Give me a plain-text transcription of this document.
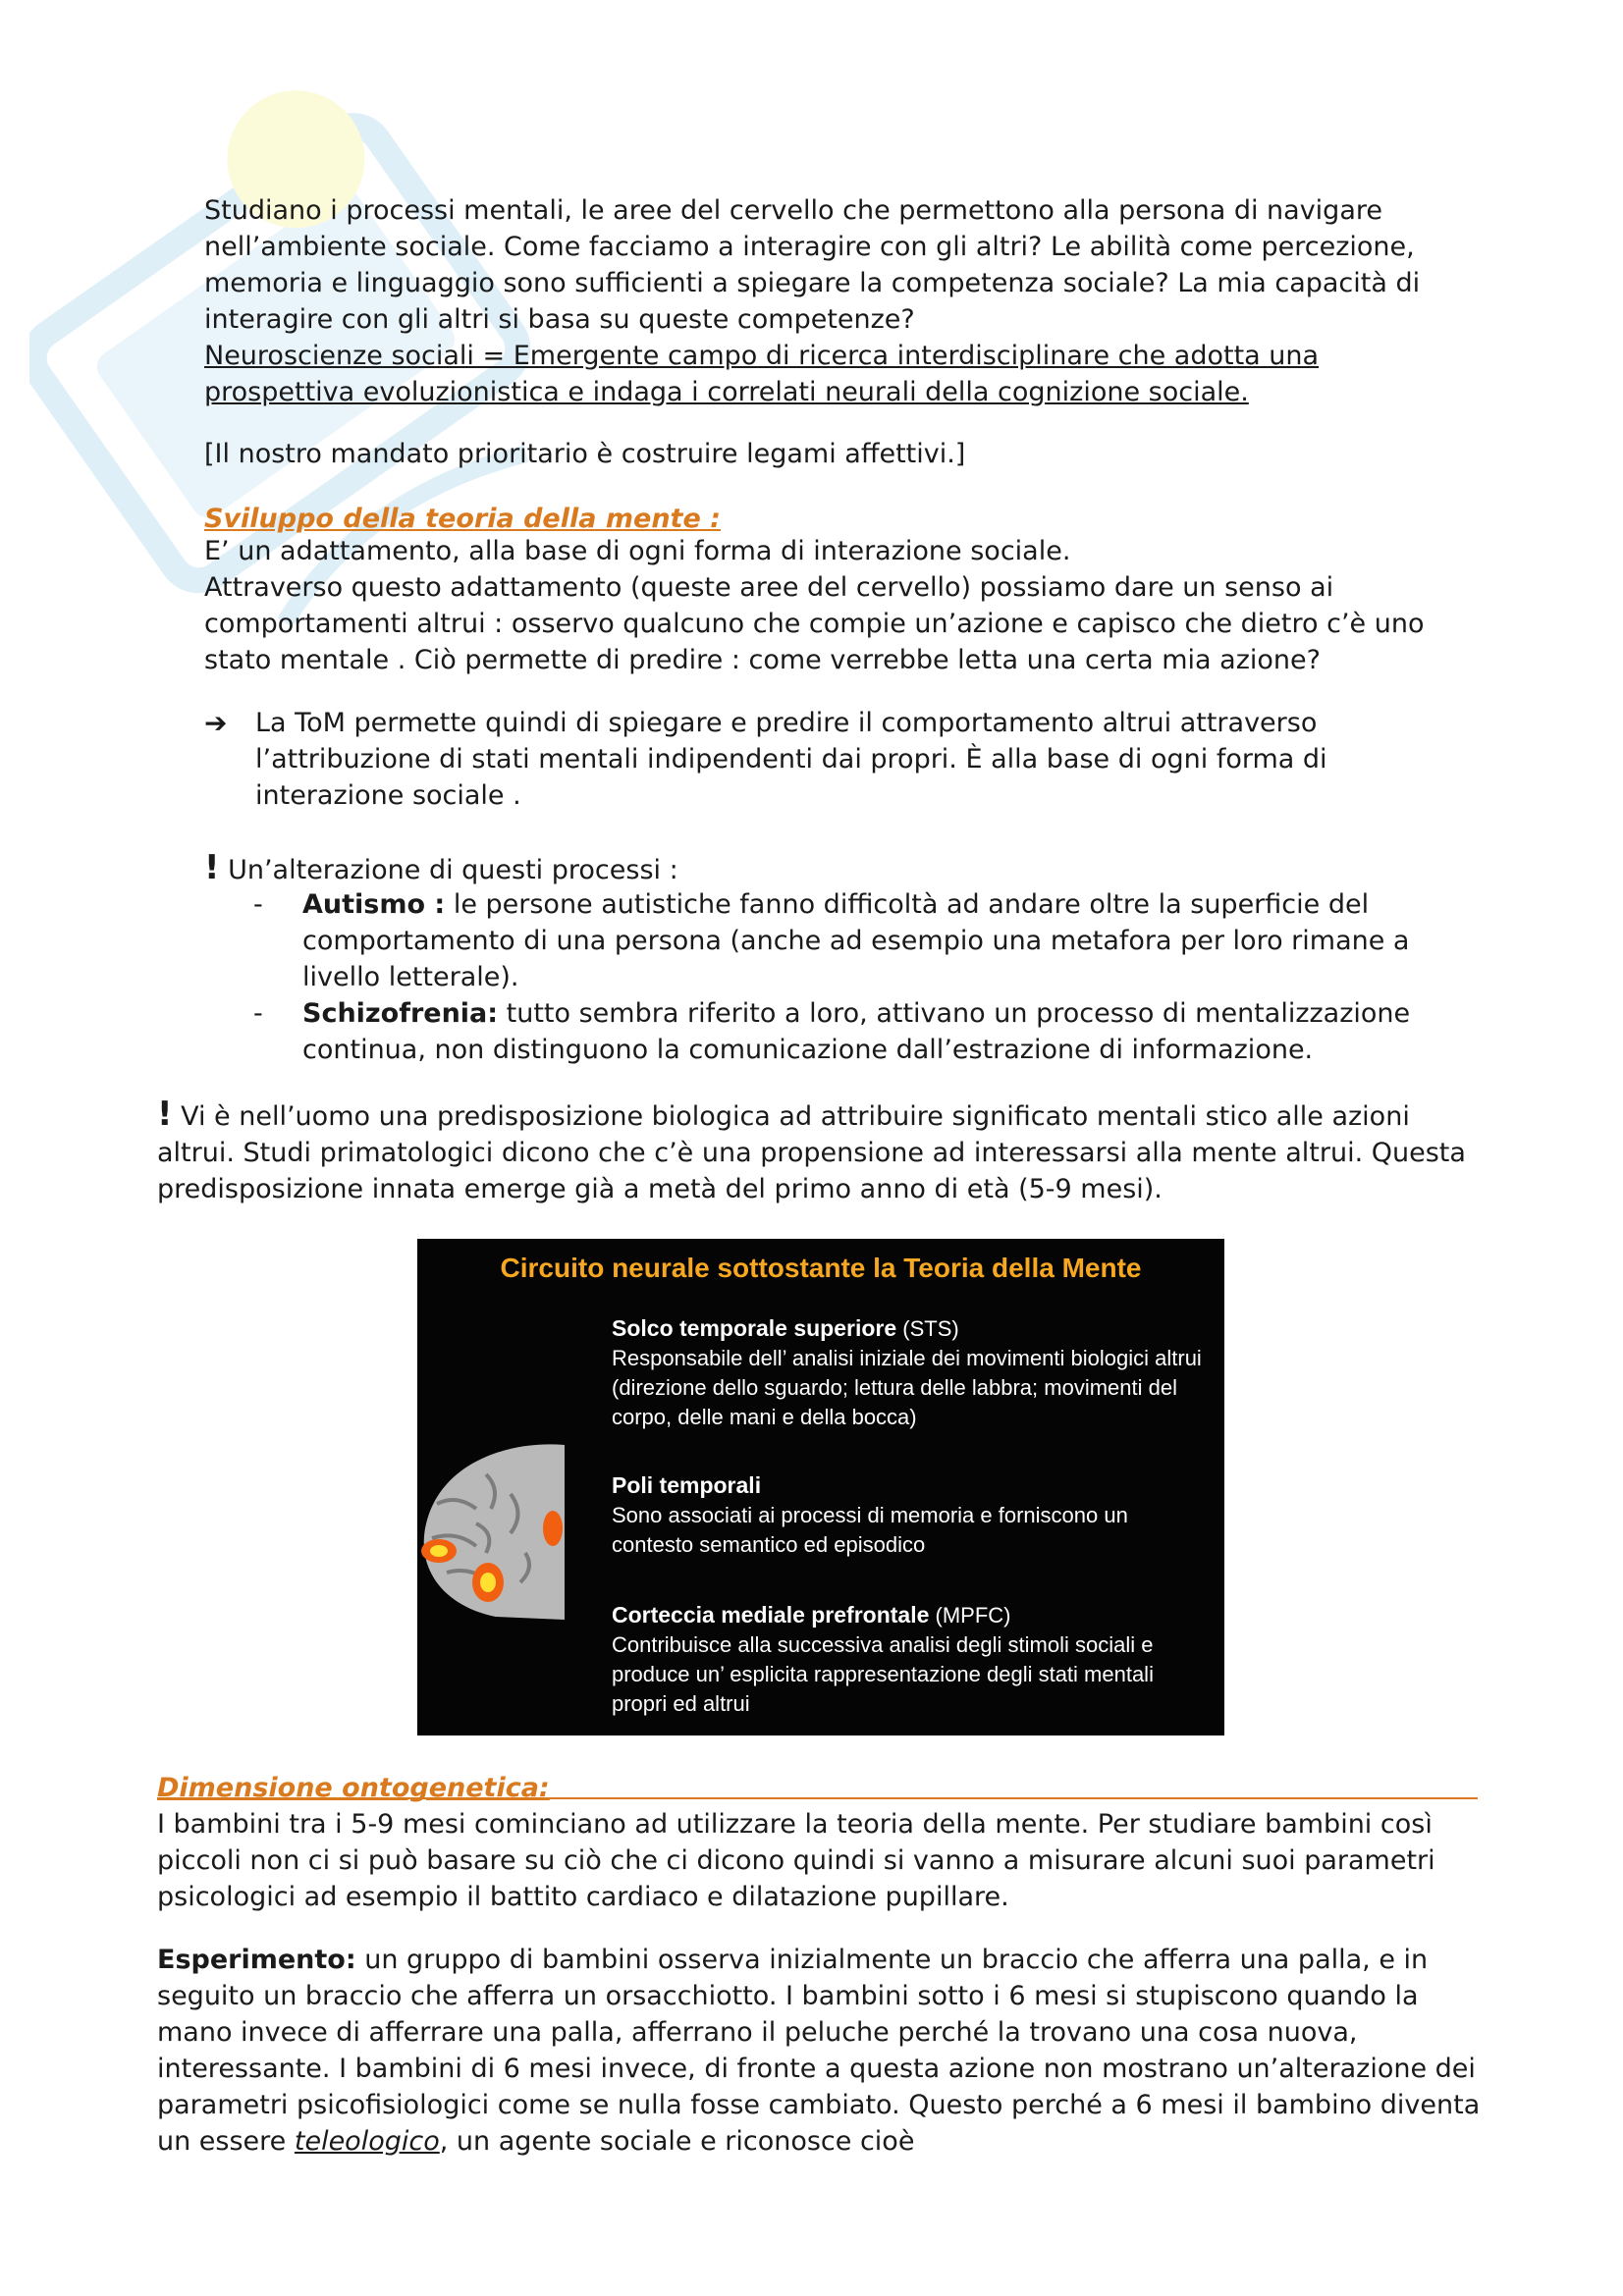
Studiano i processi mentali, le aree del cervello che permettono alla persona di navigare nell’ambiente sociale. Come facciamo a interagire con gli altri? Le abilità come percezione, memoria e linguaggio sono sufficienti a spiegare la competenza sociale? La mia capacità di interagire con gli altri si basa su queste competenze?

Neuroscienze sociali = Emergente campo di ricerca interdisciplinare che adotta una prospettiva evoluzionistica e indaga i correlati neurali della cognizione sociale.

[Il nostro mandato prioritario è costruire legami affettivi.]

Sviluppo della teoria della mente :

E’ un adattamento, alla base di ogni forma di interazione sociale.

Attraverso questo adattamento (queste aree del cervello) possiamo dare un senso ai comportamenti altrui : osservo qualcuno che compie un’azione e capisco che dietro c’è uno stato mentale . Ciò permette di predire : come verrebbe letta una certa mia azione?

➔ La ToM permette quindi di spiegare e predire il comportamento altrui attraverso l’attribuzione di stati mentali indipendenti dai propri. È alla base di ogni forma di interazione sociale .

! Un’alterazione di questi processi :
- Autismo : le persone autistiche fanno difficoltà ad andare oltre la superficie del comportamento di una persona (anche ad esempio una metafora per loro rimane a livello letterale).

- Schizofrenia: tutto sembra riferito a loro, attivano un processo di mentalizzazione continua, non distinguono la comunicazione dall’estrazione di informazione.

! Vi è nell’uomo una predisposizione biologica ad attribuire significato mentali stico alle azioni altrui. Studi primatologici dicono che c’è una propensione ad interessarsi alla mente altrui. Questa predisposizione innata emerge già a metà del primo anno di età (5-9 mesi).

Circuito neurale sottostante la Teoria della Mente
Solco temporale superiore (STS)
Responsabile dell’ analisi iniziale dei movimenti biologici altrui (direzione dello sguardo; lettura delle labbra; movimenti del corpo, delle mani e della bocca)
Poli temporali
Sono associati ai processi di memoria e forniscono un contesto semantico ed episodico
Corteccia mediale prefrontale (MPFC)
Contribuisce alla successiva analisi degli stimoli sociali e produce un’ esplicita rappresentazione degli stati mentali propri ed altrui
Dimensione ontogenetica:

I bambini tra i 5-9 mesi cominciano ad utilizzare la teoria della mente. Per studiare bambini così piccoli non ci si può basare su ciò che ci dicono quindi si vanno a misurare alcuni suoi parametri psicologici ad esempio il battito cardiaco e dilatazione pupillare.

Esperimento: un gruppo di bambini osserva inizialmente un braccio che afferra una palla, e in seguito un braccio che afferra un orsacchiotto. I bambini sotto i 6 mesi si stupiscono quando la mano invece di afferrare una palla, afferrano il peluche perché la trovano una cosa nuova, interessante. I bambini di 6 mesi invece, di fronte a questa azione non mostrano un’alterazione dei parametri psicofisiologici come se nulla fosse cambiato. Questo perché a 6 mesi il bambino diventa un essere teleologico, un agente sociale e riconosce cioè
